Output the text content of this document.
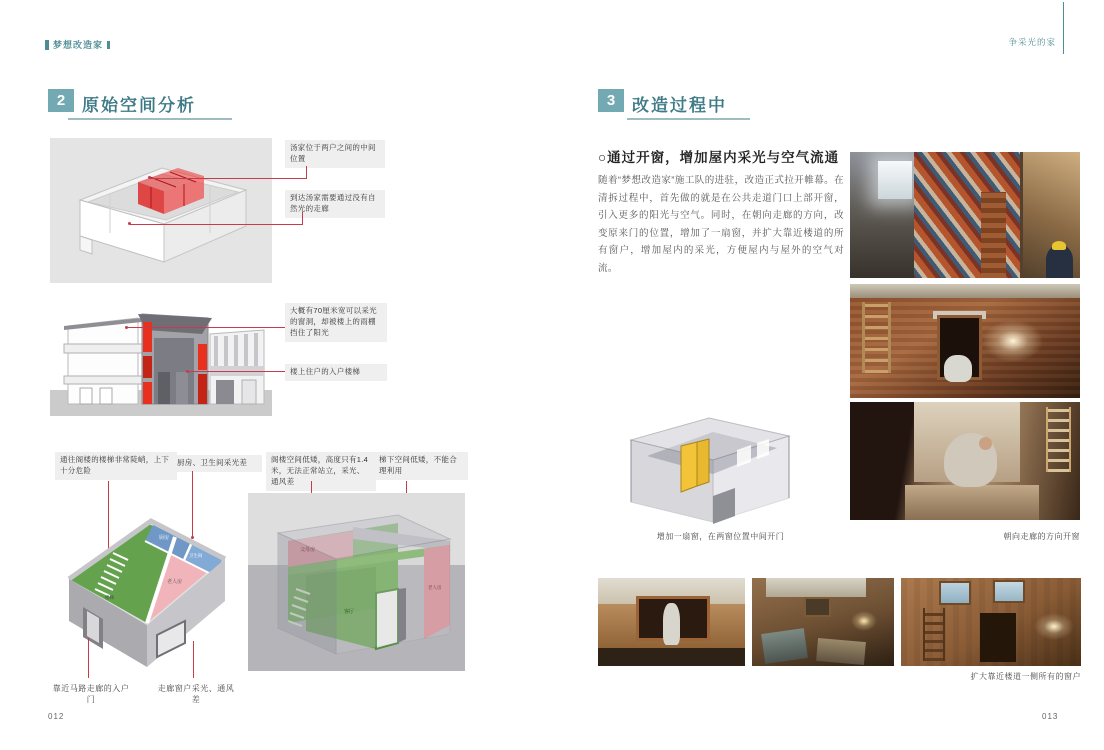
梦想改造家
2 原始空间分析
汤家位于两户之间的中间位置
到达汤家需要通过没有自然光的走廊
大概有70厘米宽可以采光的窗洞，却被楼上的雨棚挡住了阳光
楼上住户的入户楼梯
通往阁楼的楼梯非常陡峭，上下十分危险
厨房、卫生间采光差	阁楼空间低矮，高度只有1.4米，无法正常站立，采光、通风差
梯下空间低矮，不能合理利用
厨房
卫生间
老人房
楼梯
父母房
客厅
老人房
靠近马路走廊的入户门
走廊窗户采光、通风差
012
争采光的家
3 改造过程中
○通过开窗，增加屋内采光与空气流通
随着“梦想改造家”施工队的进驻，改造正式拉开帷幕。在清拆过程中，首先做的就是在公共走道门口上部开窗，引入更多的阳光与空气。同时，在朝向走廊的方向，改变原来门的位置，增加了一扇窗，并扩大靠近楼道的所有窗户，增加屋内的采光，方便屋内与屋外的空气对流。
朝向走廊的方向开窗
增加一扇窗，在两窗位置中间开门
扩大靠近楼道一侧所有的窗户
013
